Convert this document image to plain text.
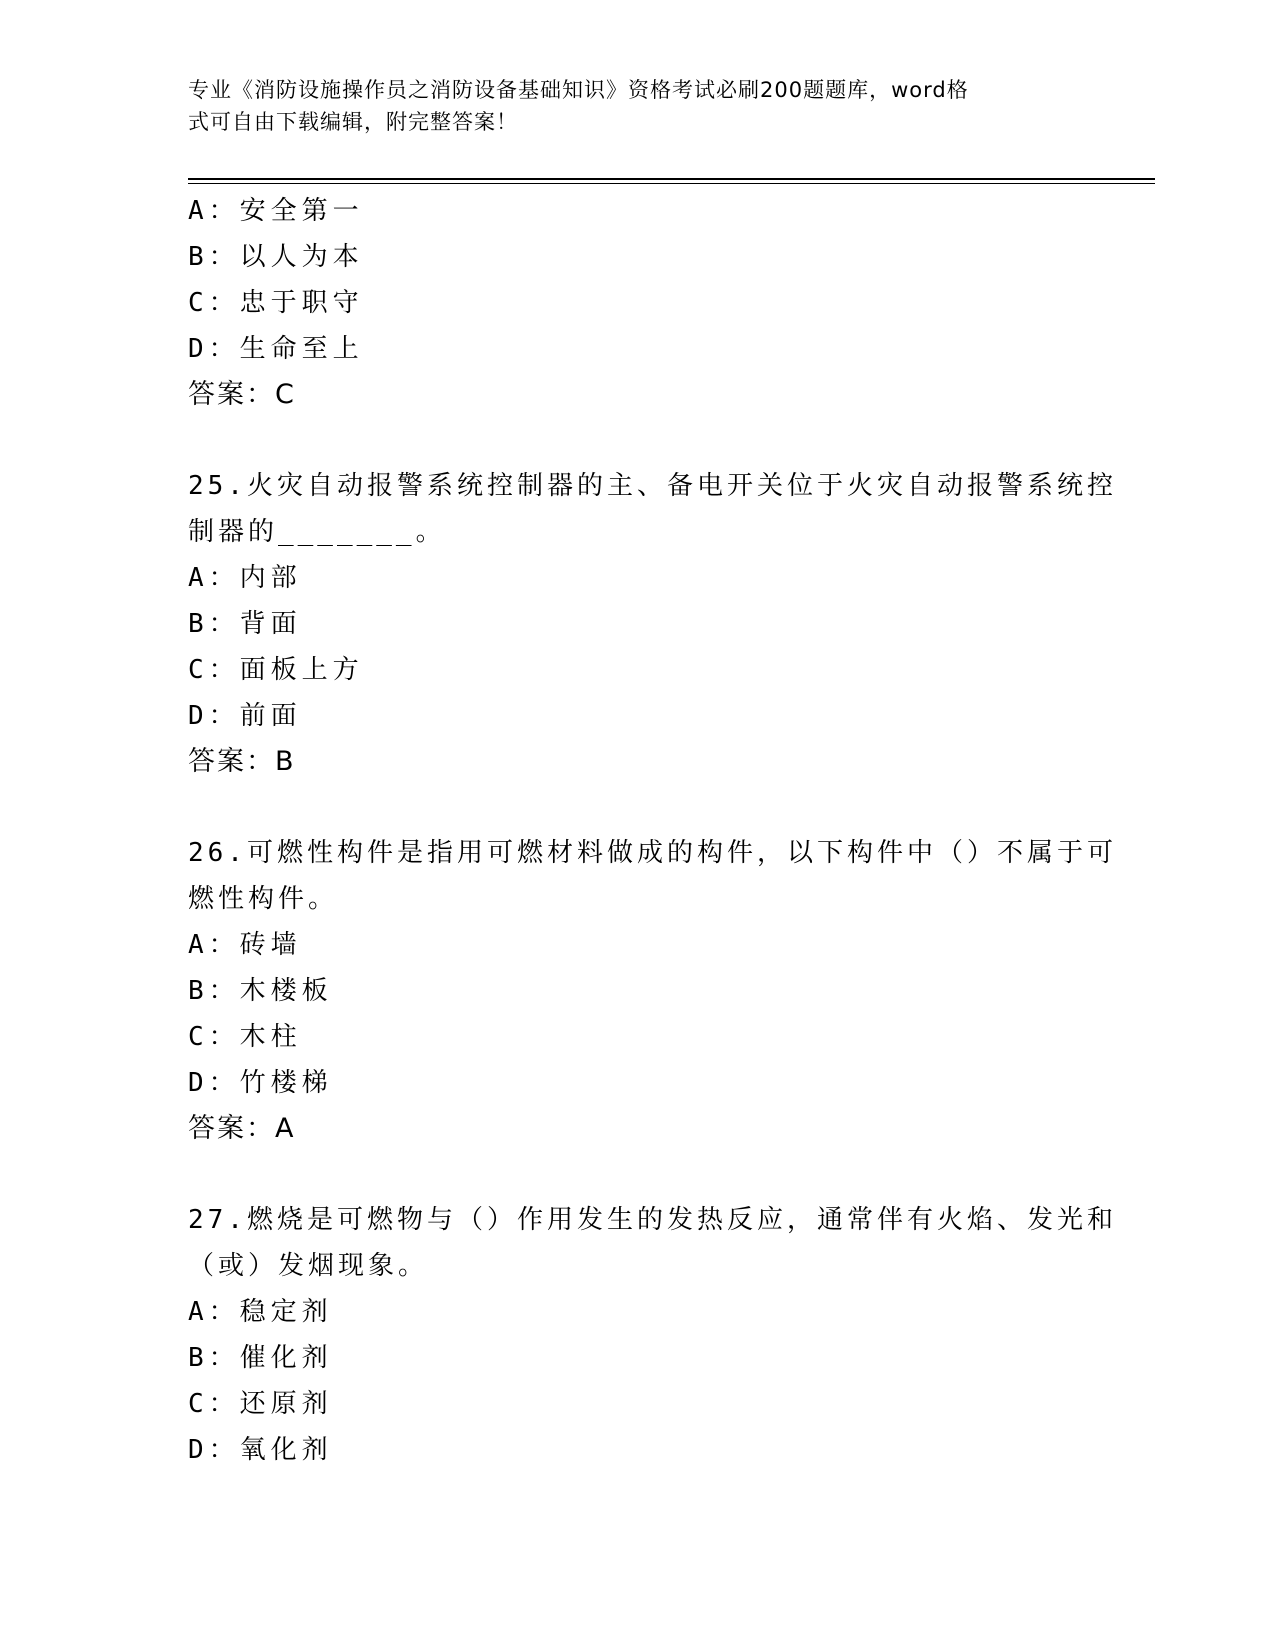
专业《消防设施操作员之消防设备基础知识》资格考试必刷200题题库，word格
式可自由下载编辑，附完整答案！
A：安全第一
B：以人为本
C：忠于职守
D：生命至上
答案：C
25.火灾自动报警系统控制器的主、备电开关位于火灾自动报警系统控
制器的_______。
A：内部
B：背面
C：面板上方
D：前面
答案：B
26.可燃性构件是指用可燃材料做成的构件，以下构件中（）不属于可
燃性构件。
A：砖墙
B：木楼板
C：木柱
D：竹楼梯
答案：A
27.燃烧是可燃物与（）作用发生的发热反应，通常伴有火焰、发光和
（或）发烟现象。
A：稳定剂
B：催化剂
C：还原剂
D：氧化剂
